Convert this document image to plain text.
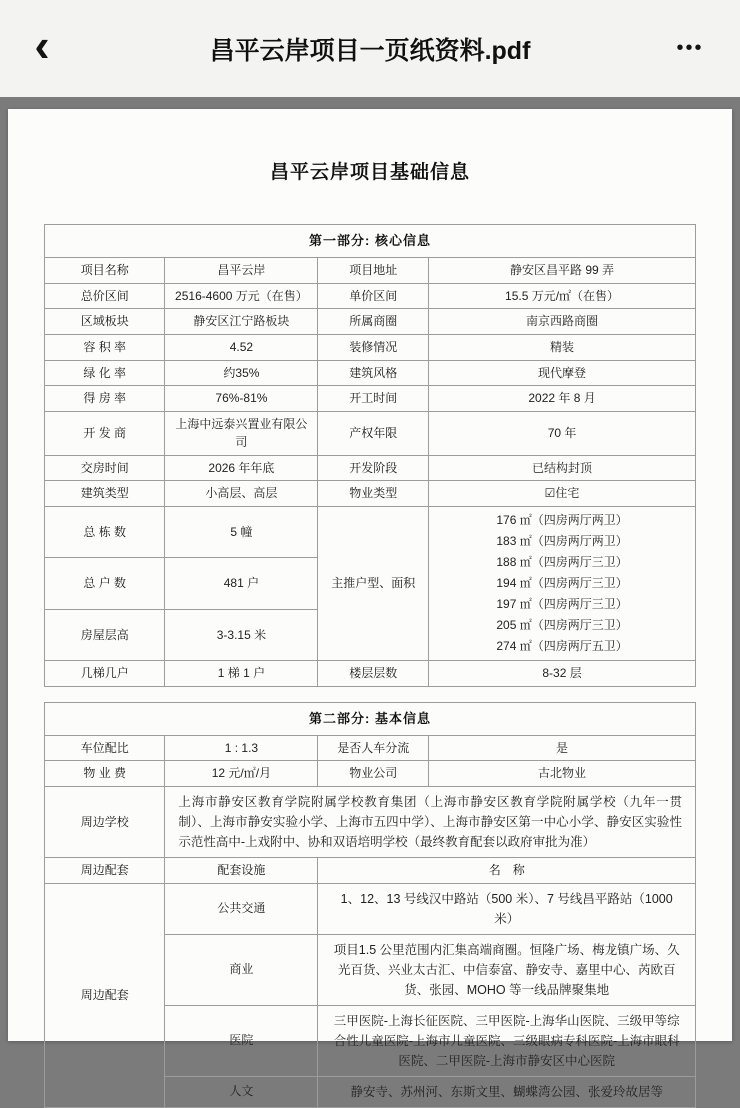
‹	昌平云岸项目一页纸资料.pdf	•••
昌平云岸项目基础信息
第一部分: 核心信息			
项目名称	昌平云岸	项目地址	静安区昌平路 99 弄
总价区间	2516-4600 万元（在售）	单价区间	15.5 万元/㎡（在售）
区域板块	静安区江宁路板块	所属商圈	南京西路商圈
容 积 率	4.52	装修情况	精装
绿 化 率	约35%	建筑风格	现代摩登
得 房 率	76%-81%	开工时间	2022 年 8 月
开 发 商	上海中远泰兴置业有限公司	产权年限	70 年
交房时间	2026 年年底	开发阶段	已结构封顶
建筑类型	小高层、高层	物业类型	☑住宅
总 栋 数	5 幢	主推户型、面积	
176 ㎡（四房两厅两卫）
183 ㎡（四房两厅两卫）
188 ㎡（四房两厅三卫）
194 ㎡（四房两厅三卫）
197 ㎡（四房两厅三卫）
205 ㎡（四房两厅三卫）
274 ㎡（四房两厅五卫）

总 户 数	481 户		
房屋层高	3-3.15 米		
几梯几户	1 梯 1 户	楼层层数	8-32 层
第二部分: 基本信息			
车位配比	1 : 1.3	是否人车分流	是
物 业 费	12 元/㎡/月	物业公司	古北物业
周边学校	上海市静安区教育学院附属学校教育集团（上海市静安区教育学院附属学校（九年一贯制）、上海市静安实验小学、上海市五四中学）、上海市静安区第一中心小学、静安区实验性示范性高中-上戏附中、协和双语培明学校（最终教育配套以政府审批为准）		
周边配套	配套设施	名　称	
周边配套	公共交通	1、12、13 号线汉中路站（500 米）、7 号线昌平路站（1000米）	
	商业	项目1.5 公里范围内汇集高端商圈。恒隆广场、梅龙镇广场、久光百货、兴业太古汇、中信泰富、静安寺、嘉里中心、芮欧百货、张园、MOHO 等一线品牌聚集地	
	医院	三甲医院-上海长征医院、三甲医院-上海华山医院、三级甲等综合性儿童医院-上海市儿童医院、三级眼病专科医院-上海市眼科医院、二甲医院-上海市静安区中心医院	
	人文	静安寺、苏州河、东斯文里、蝴蝶湾公园、张爱玲故居等	
